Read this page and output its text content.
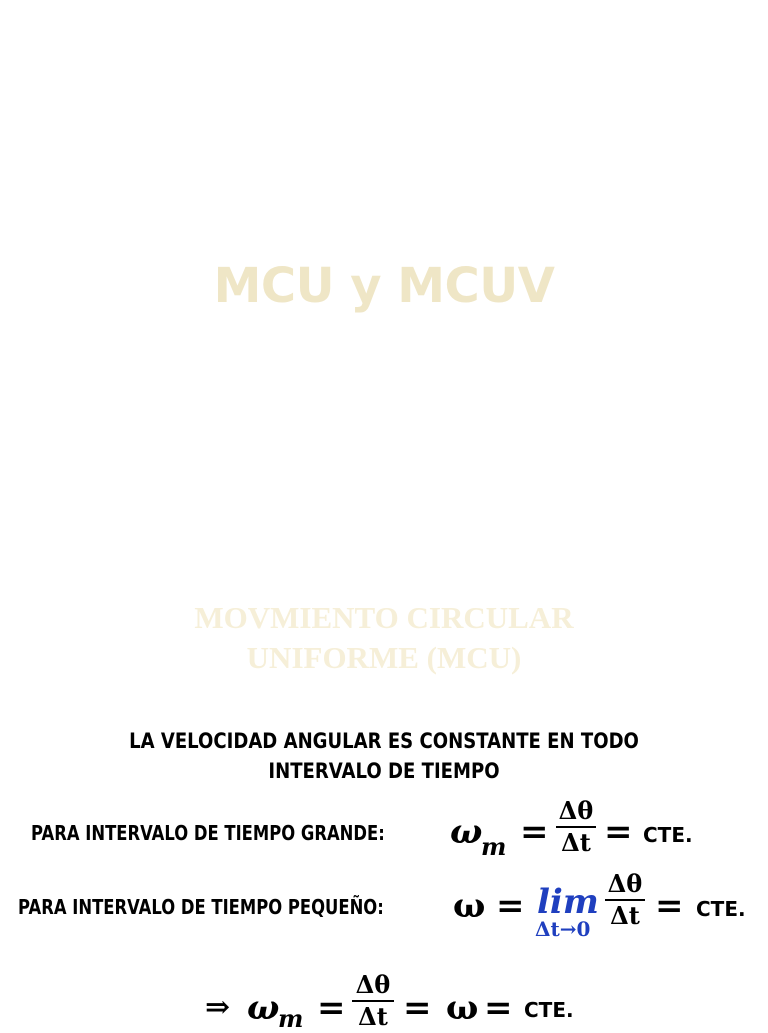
MCU y MCUV
MOVMIENTO CIRCULAR
UNIFORME (MCU)
LA VELOCIDAD ANGULAR ES CONSTANTE EN TODO
INTERVALO DE TIEMPO
PARA INTERVALO DE TIEMPO GRANDE:	ω
m =
Δθ
Δt = CTE.
PARA INTERVALO DE TIEMPO PEQUEÑO:	ω = lim
Δt→0
Δθ
Δt = CTE.
⇒ ω
m =
Δθ
Δt = ω = CTE.
